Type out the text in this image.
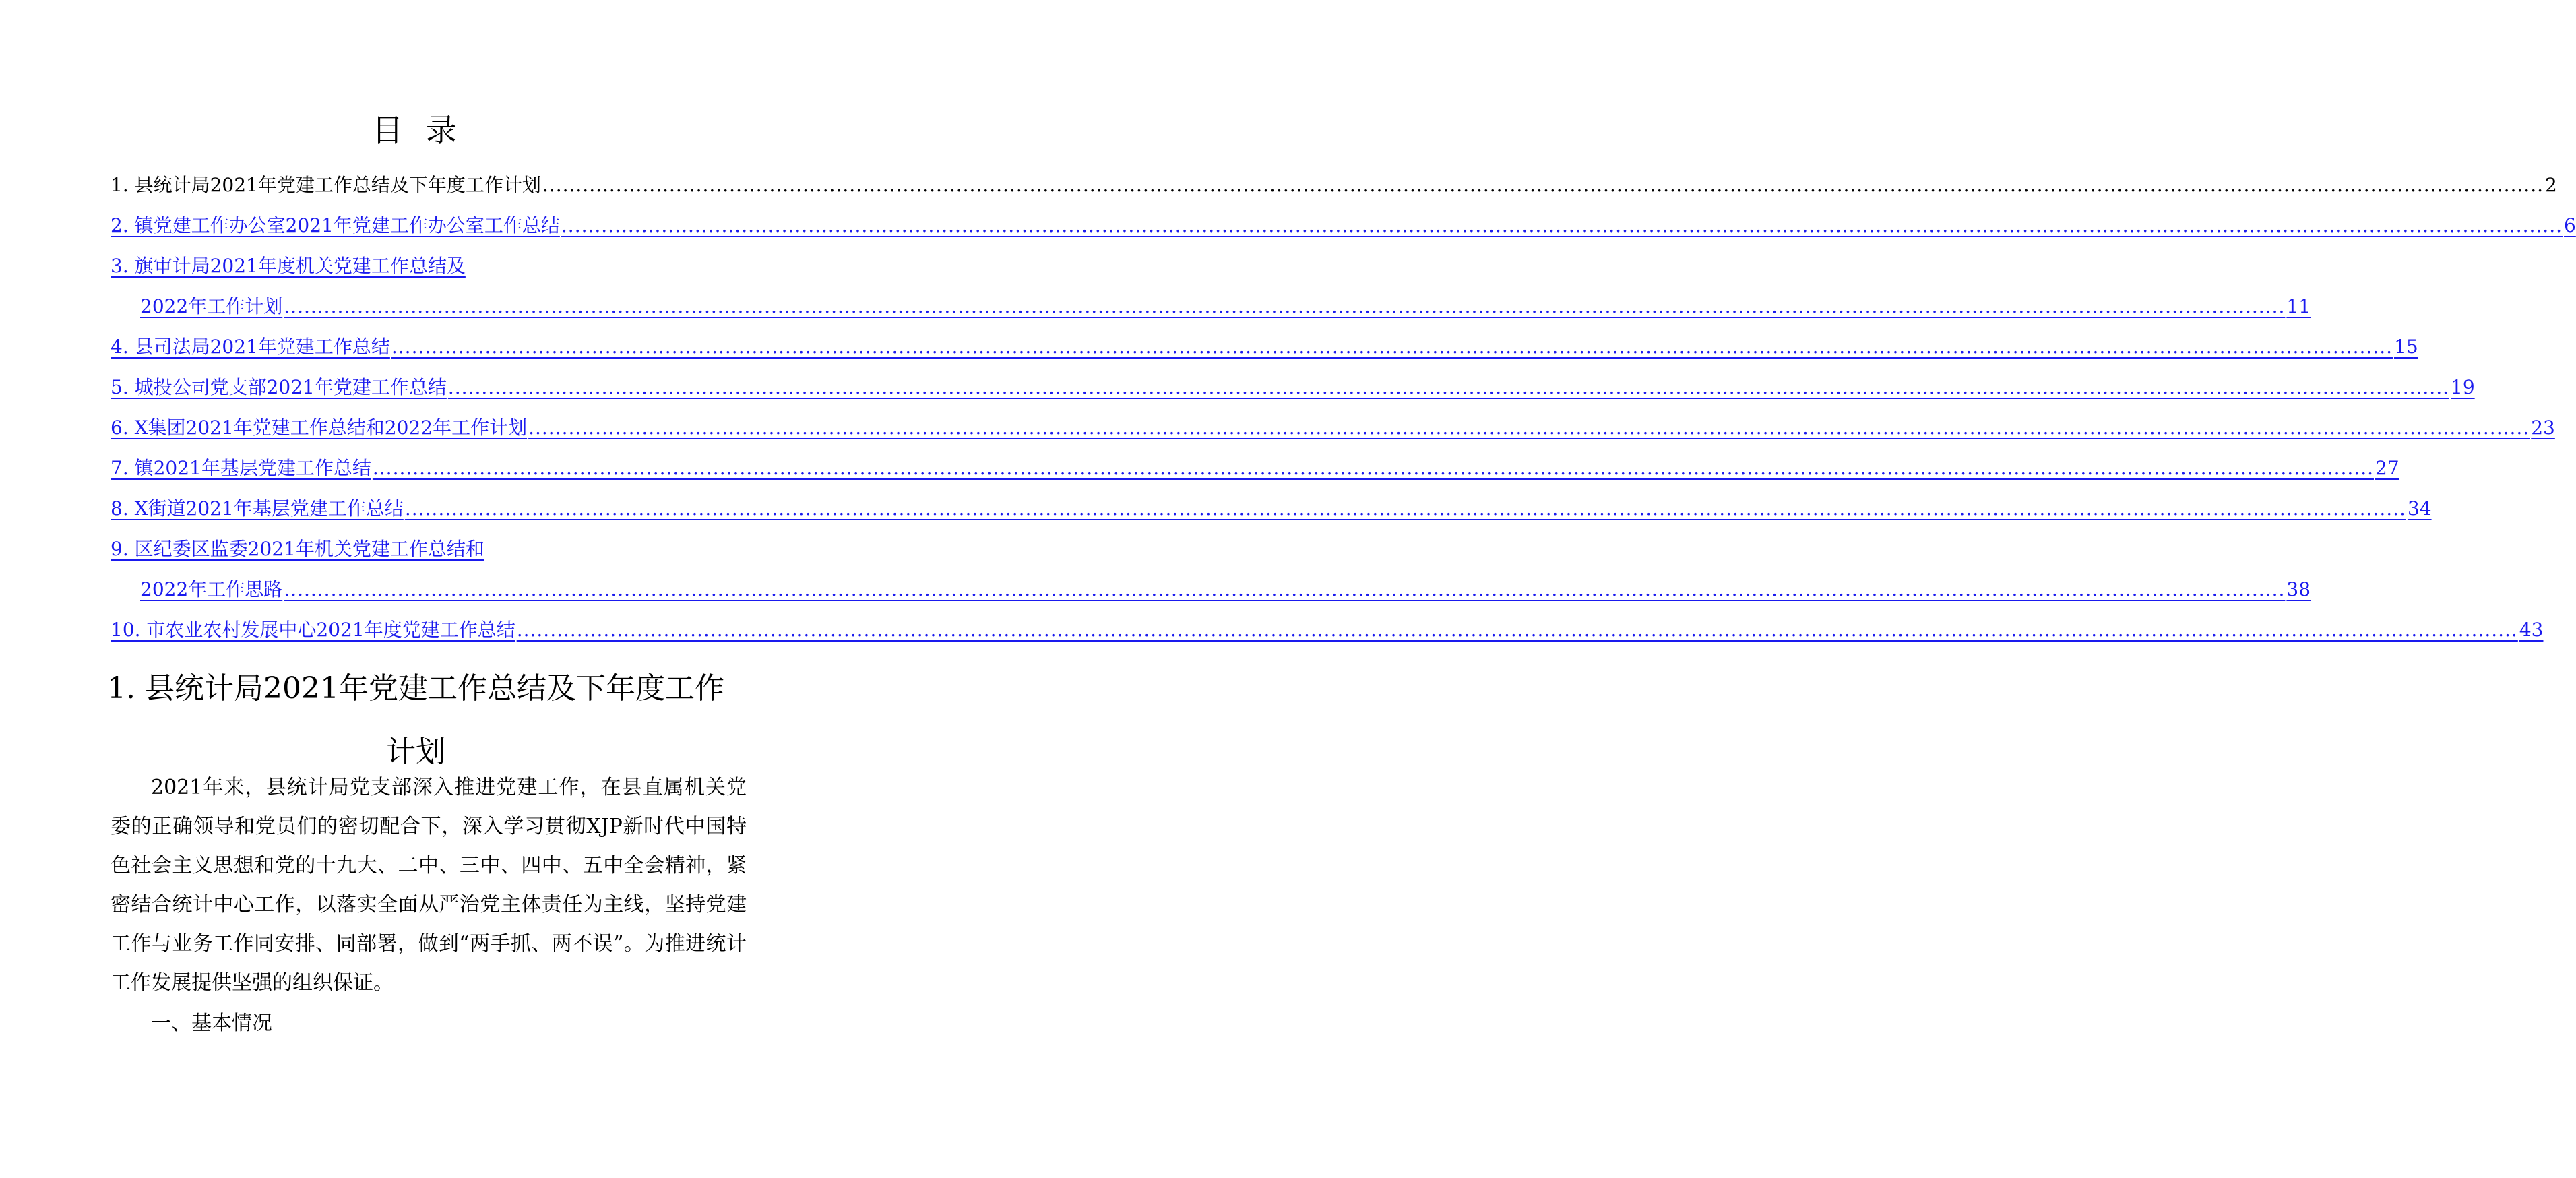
目 录
1. 县统计局2021年党建工作总结及下年度工作计划 ............................................................................................................................................................................................................................................................................................................ 2
2. 镇党建工作办公室2021年党建工作办公室工作总结 ............................................................................................................................................................................................................................................................................................................ 6
3. 旗审计局2021年度机关党建工作总结及
2022年工作计划 ............................................................................................................................................................................................................................................................................................................ 11
4. 县司法局2021年党建工作总结 ............................................................................................................................................................................................................................................................................................................ 15
5. 城投公司党支部2021年党建工作总结 ............................................................................................................................................................................................................................................................................................................ 19
6. X集团2021年党建工作总结和2022年工作计划 ............................................................................................................................................................................................................................................................................................................ 23
7. 镇2021年基层党建工作总结 ............................................................................................................................................................................................................................................................................................................ 27
8. X街道2021年基层党建工作总结 ............................................................................................................................................................................................................................................................................................................ 34
9. 区纪委区监委2021年机关党建工作总结和
2022年工作思路 ............................................................................................................................................................................................................................................................................................................ 38
10. 市农业农村发展中心2021年度党建工作总结 ............................................................................................................................................................................................................................................................................................................ 43
1. 县统计局2021年党建工作总结及下年度工作
计划

2021年来，县统计局党支部深入推进党建工作，在县直属机关党委的正确领导和党员们的密切配合下，深入学习贯彻XJP新时代中国特色社会主义思想和党的十九大、二中、三中、四中、五中全会精神，紧密结合统计中心工作，以落实全面从严治党主体责任为主线，坚持党建工作与业务工作同安排、同部署，做到“两手抓、两不误”。为推进统计工作发展提供坚强的组织保证。

一、基本情况
